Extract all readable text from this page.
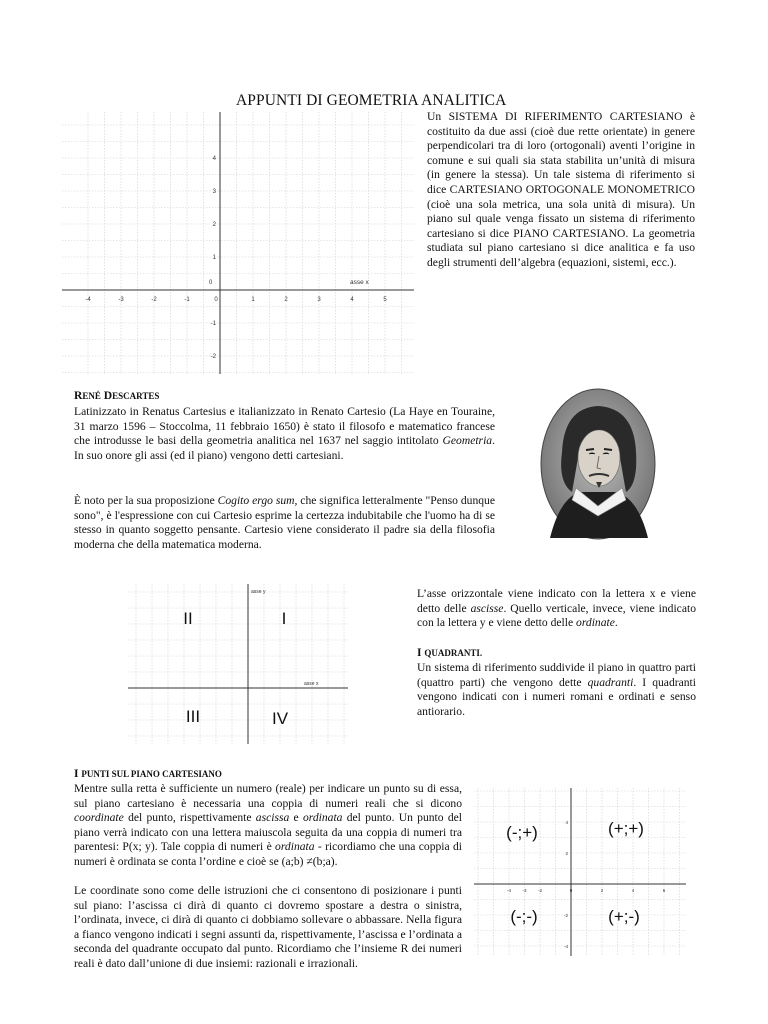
APPUNTI DI GEOMETRIA ANALITICA
-4	-3	-2	-1	0	1	2	3	4	5
4
3
2
1
0
-1
-2
asse x
Un SISTEMA DI RIFERIMENTO CARTESIANO è costituito da due assi (cioè due rette orientate) in genere perpendicolari tra di loro (ortogonali) aventi l’origine in comune e sui quali sia stata stabilita un’unità di misura (in genere la stessa). Un tale sistema di riferimento si dice CARTESIANO ORTOGONALE MONOMETRICO (cioè una sola metrica, una sola unità di misura). Un piano sul quale venga fissato un sistema di riferimento cartesiano si dice PIANO CARTESIANO. La geometria studiata sul piano cartesiano si dice analitica e fa uso degli strumenti dell’algebra (equazioni, sistemi, ecc.).
RENÉ DESCARTES
Latinizzato in Renatus Cartesius e italianizzato in Renato Cartesio (La Haye en Touraine, 31 marzo 1596 – Stoccolma, 11 febbraio 1650) è stato il filosofo e matematico francese che introdusse le basi della geometria analitica nel 1637 nel saggio intitolato Geometria. In suo onore gli assi (ed il piano) vengono detti cartesiani.
È noto per la sua proposizione Cogito ergo sum, che significa letteralmente "Penso dunque sono", è l'espressione con cui Cartesio esprime la certezza indubitabile che l'uomo ha di se stesso in quanto soggetto pensante. Cartesio viene considerato il padre sia della filosofia moderna che della matematica moderna.
asse y
asse x
II	I
III	IV
L’asse orizzontale viene indicato con la lettera x e viene detto delle ascisse. Quello verticale, invece, viene indicato con la lettera y e viene detto delle ordinate.
I QUADRANTI.
Un sistema di riferimento suddivide il piano in quattro parti (quattro parti) che vengono dette quadranti. I quadranti vengono indicati con i numeri romani e ordinati e senso antiorario.
I PUNTI SUL PIANO CARTESIANO
Mentre sulla retta è sufficiente un numero (reale) per indicare un punto su di essa, sul piano cartesiano è necessaria una coppia di numeri reali che si dicono coordinate del punto, rispettivamente ascissa e ordinata del punto. Un punto del piano verrà indicato con una lettera maiuscola seguita da una coppia di numeri tra parentesi: P(x; y). Tale coppia di numeri è ordinata - ricordiamo che una coppia di numeri è ordinata se conta l’ordine e cioè se (a;b) ≠(b;a).
Le coordinate sono come delle istruzioni che ci consentono di posizionare i punti sul piano: l’ascissa ci dirà di quanto ci dovremo spostare a destra o sinistra, l’ordinata, invece, ci dirà di quanto ci dobbiamo sollevare o abbassare. Nella figura a fianco vengono indicati i segni assunti da, rispettivamente, l’ascissa e l’ordinata a seconda del quadrante occupato dal punto. Ricordiamo che l’insieme R dei numeri reali è dato dall’unione di due insiemi: razionali e irrazionali.
-4	-3	-2	0	2	4	6
4
2
-2
-4
(-;+)	(+;+)
(-;-)	(+;-)
